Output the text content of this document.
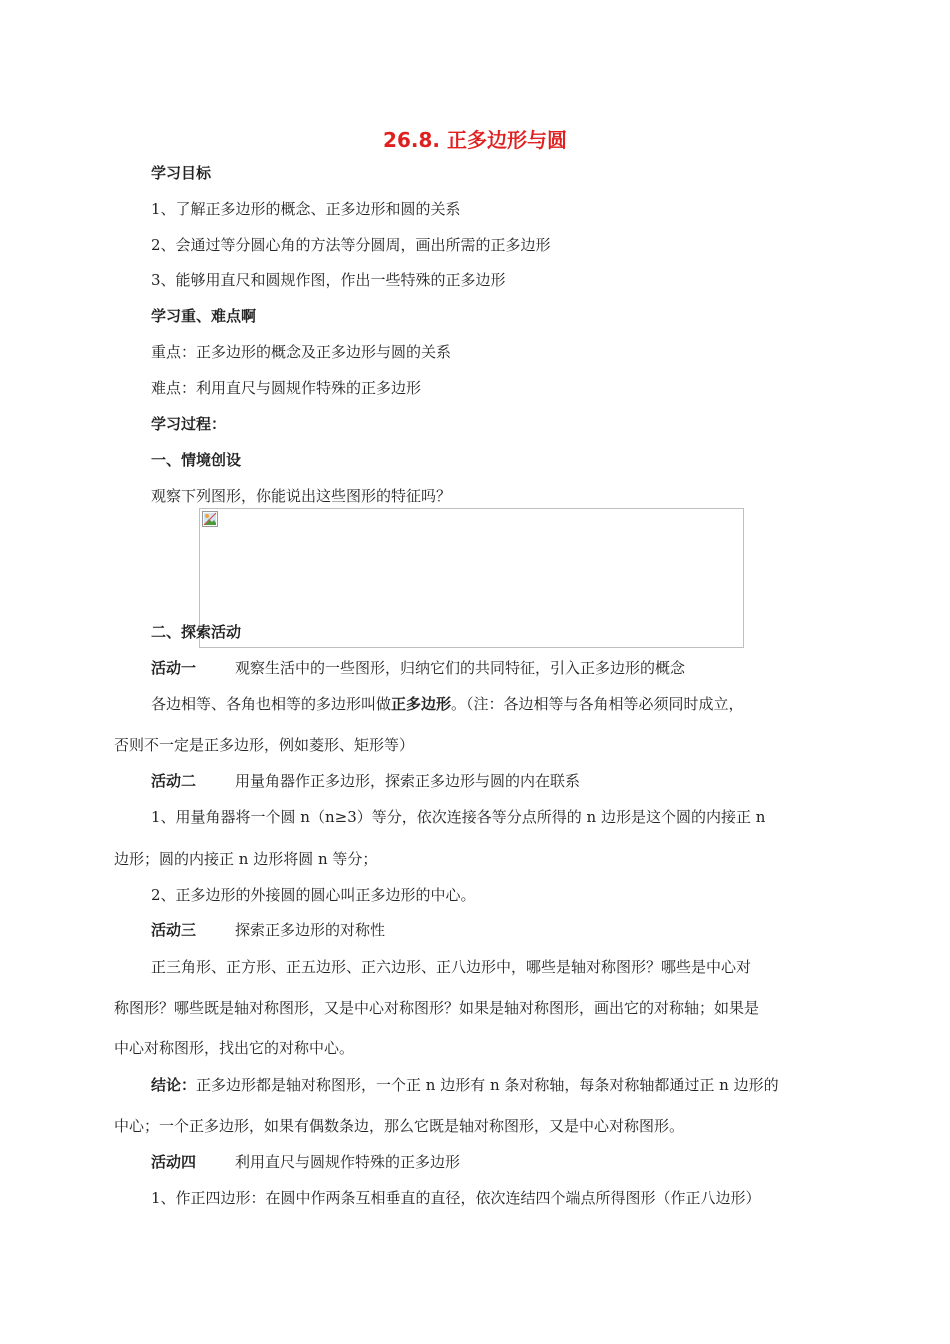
26.8. 正多边形与圆
学习目标
1、了解正多边形的概念、正多边形和圆的关系
2、会通过等分圆心角的方法等分圆周，画出所需的正多边形
3、能够用直尺和圆规作图，作出一些特殊的正多边形
学习重、难点啊
重点：正多边形的概念及正多边形与圆的关系
难点：利用直尺与圆规作特殊的正多边形
学习过程：
一、情境创设
观察下列图形，你能说出这些图形的特征吗？
二、探索活动
活动一	观察生活中的一些图形，归纳它们的共同特征，引入正多边形的概念
各边相等、各角也相等的多边形叫做正多边形。（注：各边相等与各角相等必须同时成立，
否则不一定是正多边形，例如菱形、矩形等）
活动二	用量角器作正多边形，探索正多边形与圆的内在联系
1、用量角器将一个圆 n（n≥3）等分，依次连接各等分点所得的 n 边形是这个圆的内接正 n
边形；圆的内接正 n 边形将圆 n 等分；
2、正多边形的外接圆的圆心叫正多边形的中心。
活动三	探索正多边形的对称性
正三角形、正方形、正五边形、正六边形、正八边形中，哪些是轴对称图形？哪些是中心对
称图形？哪些既是轴对称图形，又是中心对称图形？如果是轴对称图形，画出它的对称轴；如果是
中心对称图形，找出它的对称中心。
结论：正多边形都是轴对称图形，一个正 n 边形有 n 条对称轴，每条对称轴都通过正 n 边形的
中心；一个正多边形，如果有偶数条边，那么它既是轴对称图形，又是中心对称图形。
活动四	利用直尺与圆规作特殊的正多边形
1、作正四边形：在圆中作两条互相垂直的直径，依次连结四个端点所得图形（作正八边形）
